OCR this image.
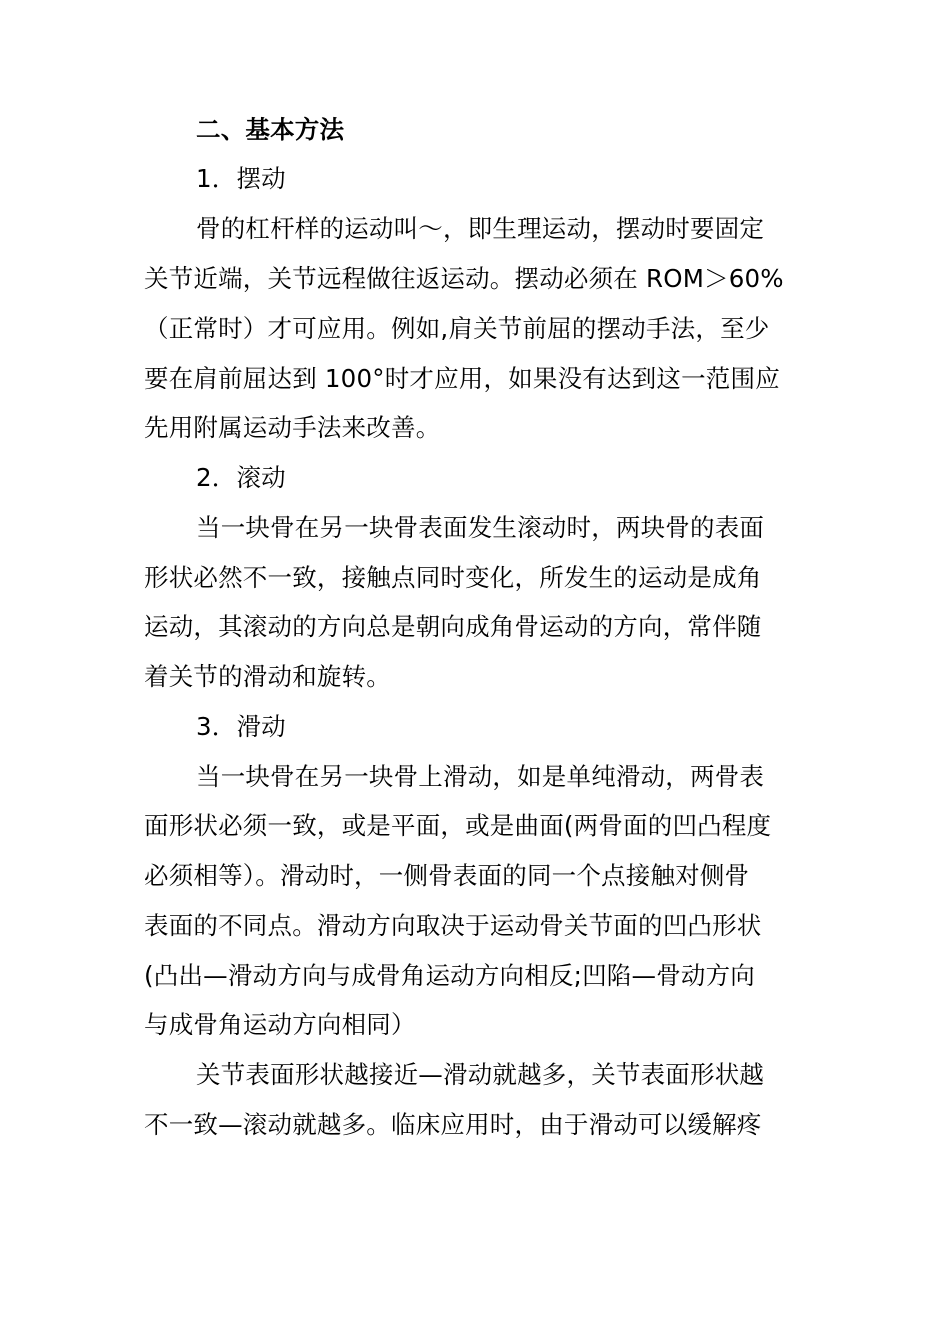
二、基本方法
1．摆动
骨的杠杆样的运动叫～，即生理运动，摆动时要固定
关节近端，关节远程做往返运动。摆动必须在 ROM＞60%
（正常时）才可应用。例如,肩关节前屈的摆动手法，至少
要在肩前屈达到 100°时才应用，如果没有达到这一范围应
先用附属运动手法来改善。
2．滚动
当一块骨在另一块骨表面发生滚动时，两块骨的表面
形状必然不一致，接触点同时变化，所发生的运动是成角
运动，其滚动的方向总是朝向成角骨运动的方向，常伴随
着关节的滑动和旋转。
3．滑动
当一块骨在另一块骨上滑动，如是单纯滑动，两骨表
面形状必须一致，或是平面，或是曲面(两骨面的凹凸程度
必须相等）。滑动时，一侧骨表面的同一个点接触对侧骨
表面的不同点。滑动方向取决于运动骨关节面的凹凸形状
(凸出—滑动方向与成骨角运动方向相反;凹陷—骨动方向
与成骨角运动方向相同）
关节表面形状越接近—滑动就越多，关节表面形状越
不一致—滚动就越多。临床应用时，由于滑动可以缓解疼
